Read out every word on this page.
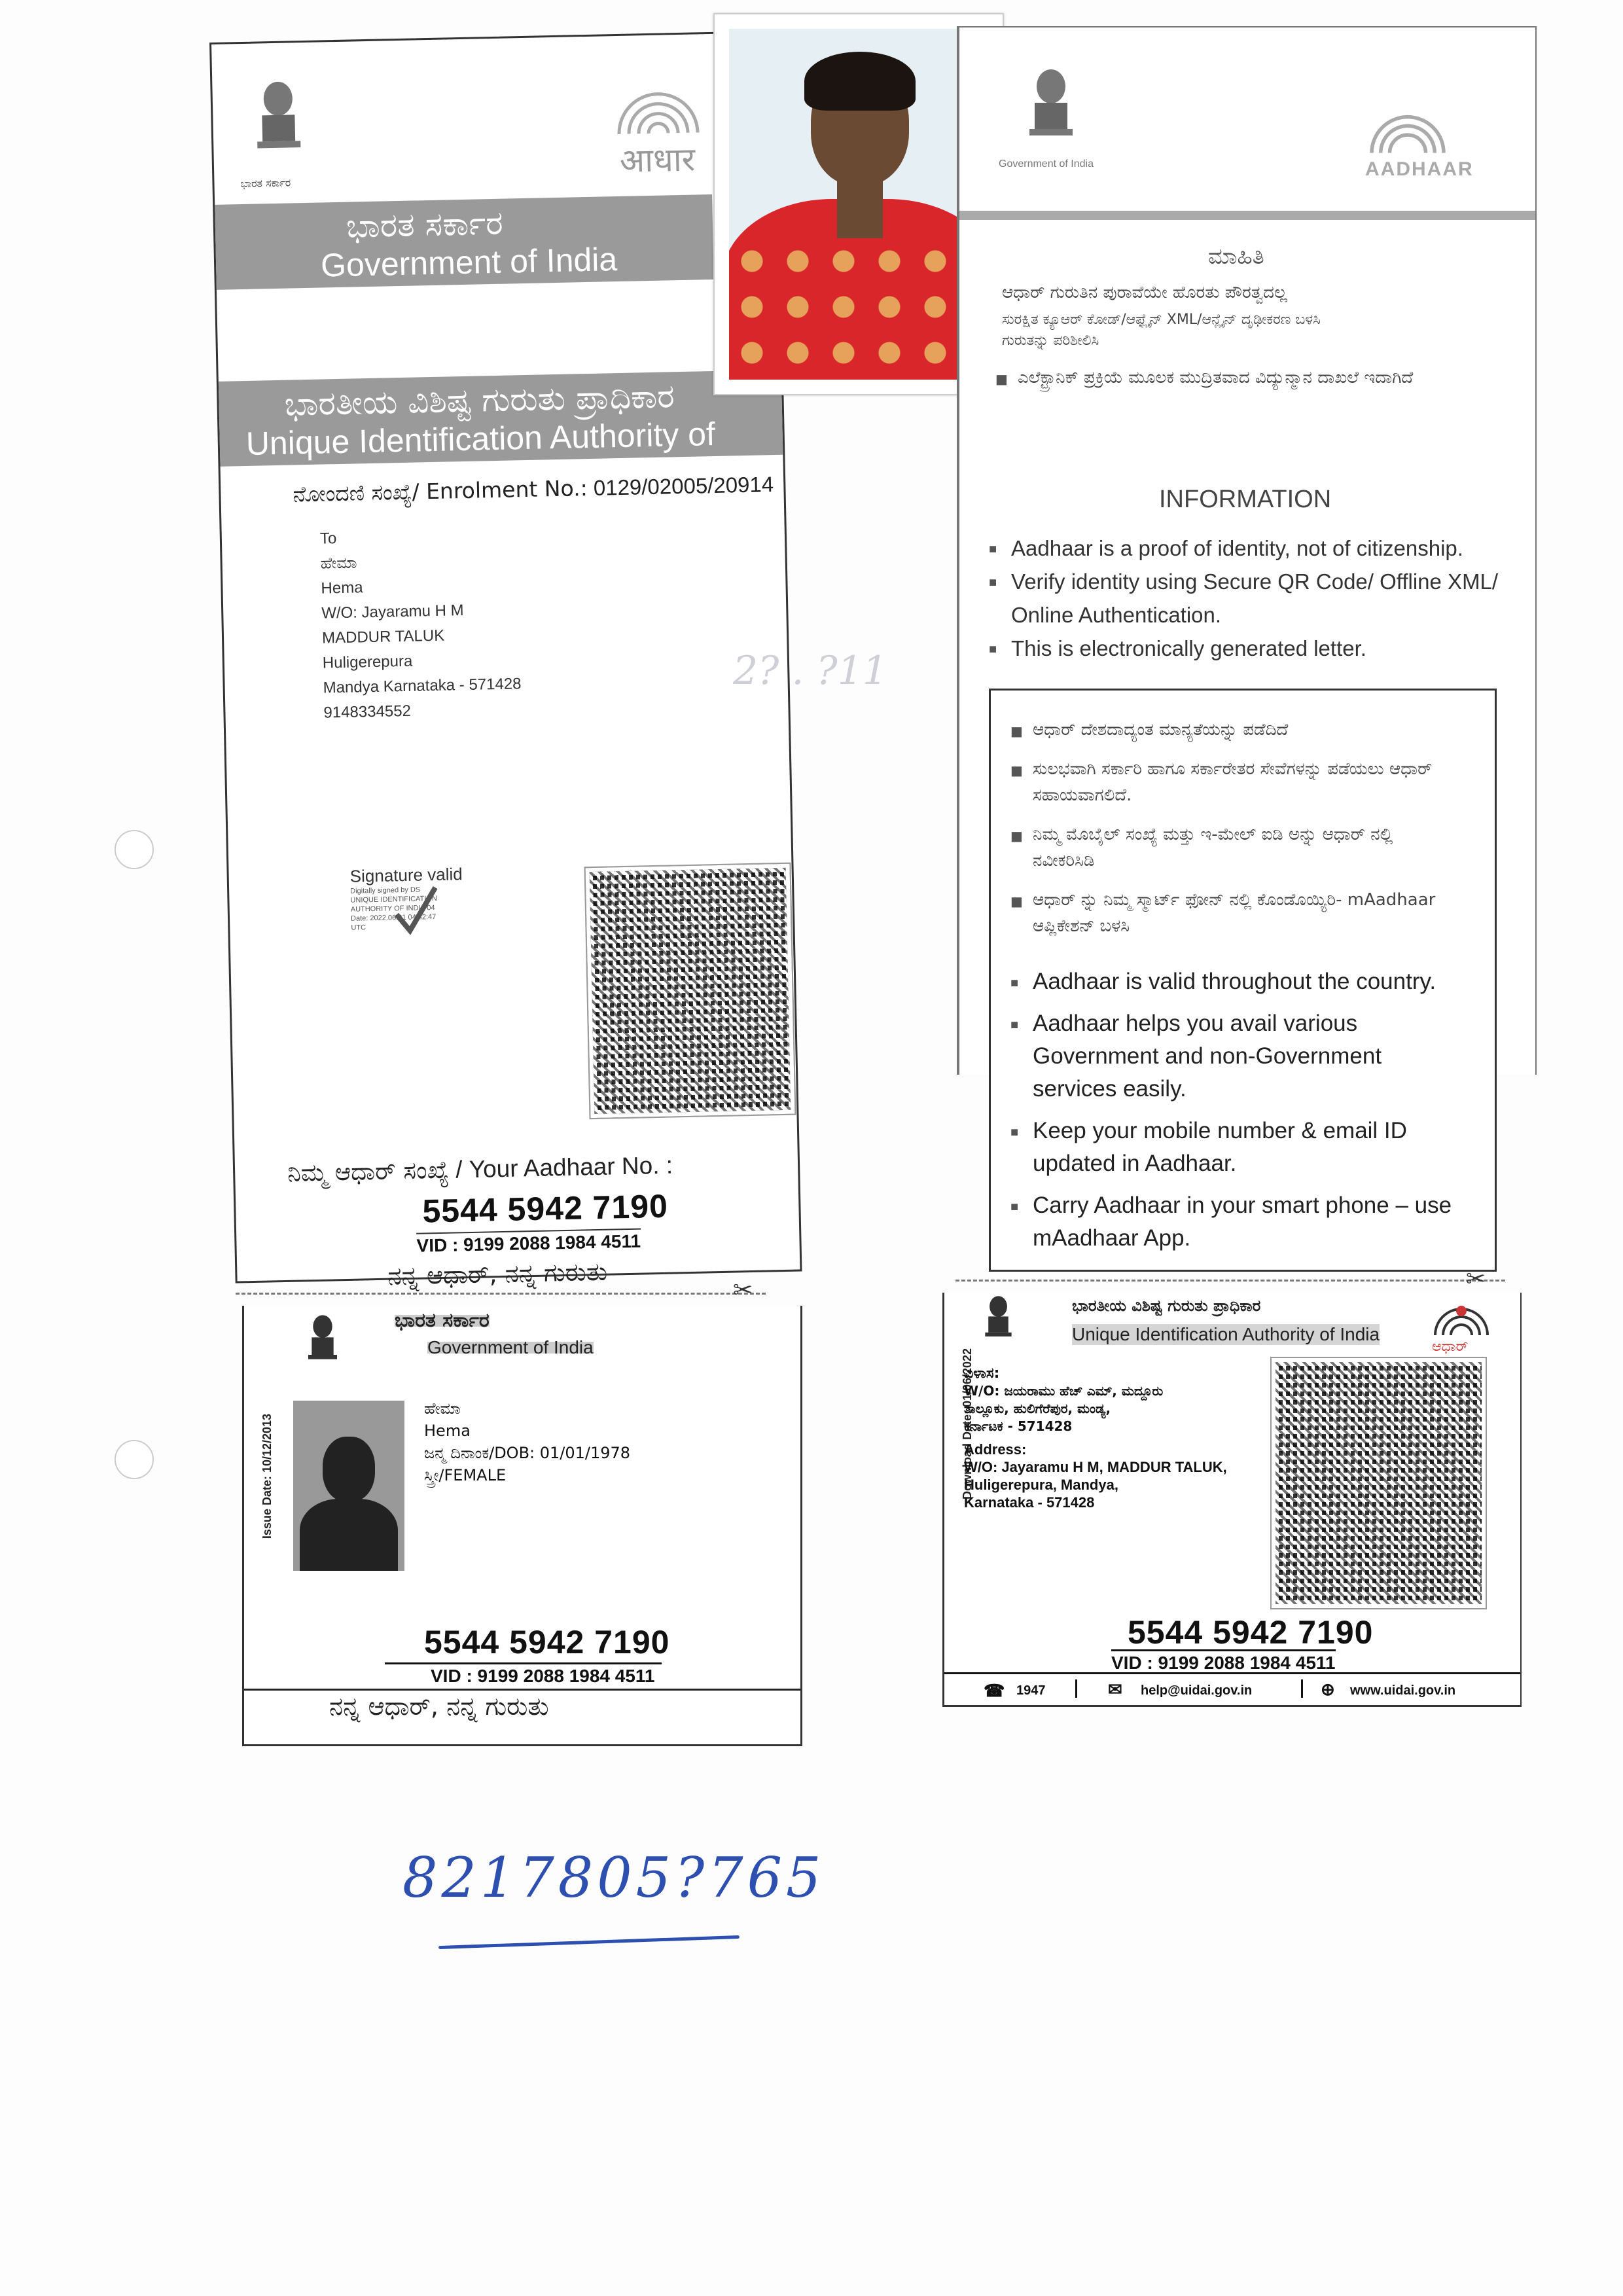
ಭಾರತ ಸರ್ಕಾರ
आधार
ಭಾರತ ಸರ್ಕಾರ
Government of India
ಭಾರತೀಯ ವಿಶಿಷ್ಟ ಗುರುತು ಪ್ರಾಧಿಕಾರ
Unique Identification Authority of India
ನೋಂದಣಿ ಸಂಖ್ಯೆ/ Enrolment No.: 0129/02005/20914
To
ಹೇಮಾ
Hema
W/O: Jayaramu H M
MADDUR TALUK
Huligerepura
Mandya Karnataka - 571428
9148334552
Signature valid
Digitally signed by DS
UNIQUE IDENTIFICATION
AUTHORITY OF INDIA 04
Date: 2022.06.01 04:42:47
UTC
ನಿಮ್ಮ ಆಧಾರ್ ಸಂಖ್ಯೆ / Your Aadhaar No. :
5544 5942 7190
VID : 9199 2088 1984 4511
ನನ್ನ ಆಧಾರ್, ನನ್ನ ಗುರುತು
Government of India	AADHAAR
ಮಾಹಿತಿ
ಆಧಾರ್ ಗುರುತಿನ ಪುರಾವೆಯೇ ಹೊರತು ಪೌರತ್ವದಲ್ಲ
ಸುರಕ್ಷಿತ ಕ್ಯೂಆರ್ ಕೋಡ್/ಆಫ್ಲೈನ್ XML/ಆನ್ಲೈನ್ ದೃಢೀಕರಣ ಬಳಸಿ ಗುರುತನ್ನು ಪರಿಶೀಲಿಸಿ
■ ಎಲೆಕ್ಟ್ರಾನಿಕ್ ಪ್ರಕ್ರಿಯೆ ಮೂಲಕ ಮುದ್ರಿತವಾದ ವಿದ್ಯುನ್ಮಾನ ದಾಖಲೆ ಇದಾಗಿದೆ
INFORMATION
■ Aadhaar is a proof of identity, not of citizenship.
■ Verify identity using Secure QR Code/ Offline XML/ Online Authentication.
■ This is electronically generated letter.
■ ಆಧಾರ್ ದೇಶದಾದ್ಯಂತ ಮಾನ್ಯತೆಯನ್ನು ಪಡೆದಿದೆ
■ ಸುಲಭವಾಗಿ ಸರ್ಕಾರಿ ಹಾಗೂ ಸರ್ಕಾರೇತರ ಸೇವೆಗಳನ್ನು ಪಡೆಯಲು ಆಧಾರ್ ಸಹಾಯವಾಗಲಿದೆ.
■ ನಿಮ್ಮ ಮೊಬೈಲ್ ಸಂಖ್ಯೆ ಮತ್ತು ಇ-ಮೇಲ್ ಐಡಿ ಅನ್ನು ಆಧಾರ್ ನಲ್ಲಿ ನವೀಕರಿಸಿಡಿ
■ ಆಧಾರ್ ನ್ನು ನಿಮ್ಮ ಸ್ಮಾರ್ಟ್ ಫೋನ್ ನಲ್ಲಿ ಕೊಂಡೊಯ್ಯಿರಿ- mAadhaar ಆಪ್ಲಿಕೇಶನ್ ಬಳಸಿ
■ Aadhaar is valid throughout the country.
■ Aadhaar helps you avail various Government and non-Government services easily.
■ Keep your mobile number & email ID updated in Aadhaar.
■ Carry Aadhaar in your smart phone – use mAadhaar App.
2? . ?11
✂
ಭಾರತ ಸರ್ಕಾರ
Government of India
Issue Date: 10/12/2013
ಹೇಮಾ
Hema
ಜನ್ಮ ದಿನಾಂಕ/DOB: 01/01/1978
ಸ್ತ್ರೀ/FEMALE
5544 5942 7190
VID : 9199 2088 1984 4511
ನನ್ನ ಆಧಾರ್, ನನ್ನ ಗುರುತು
✂
ಭಾರತೀಯ ವಿಶಿಷ್ಟ ಗುರುತು ಪ್ರಾಧಿಕಾರ
Unique Identification Authority of India
ಆಧಾರ್
Download Date: 01/06/2022
ವಿಳಾಸ:
W/O: ಜಯರಾಮು ಹೆಚ್ ಎಮ್, ಮದ್ದೂರು
ತಾಲ್ಲೂಕು, ಹುಲಿಗೆರೆಪುರ, ಮಂಡ್ಯ,
ಕರ್ನಾಟಕ - 571428
Address:
W/O: Jayaramu H M, MADDUR TALUK,
Huligerepura, Mandya,
Karnataka - 571428
5544 5942 7190
VID : 9199 2088 1984 4511
☎ 1947	✉ help@uidai.gov.in	⊕ www.uidai.gov.in
8217805?765
